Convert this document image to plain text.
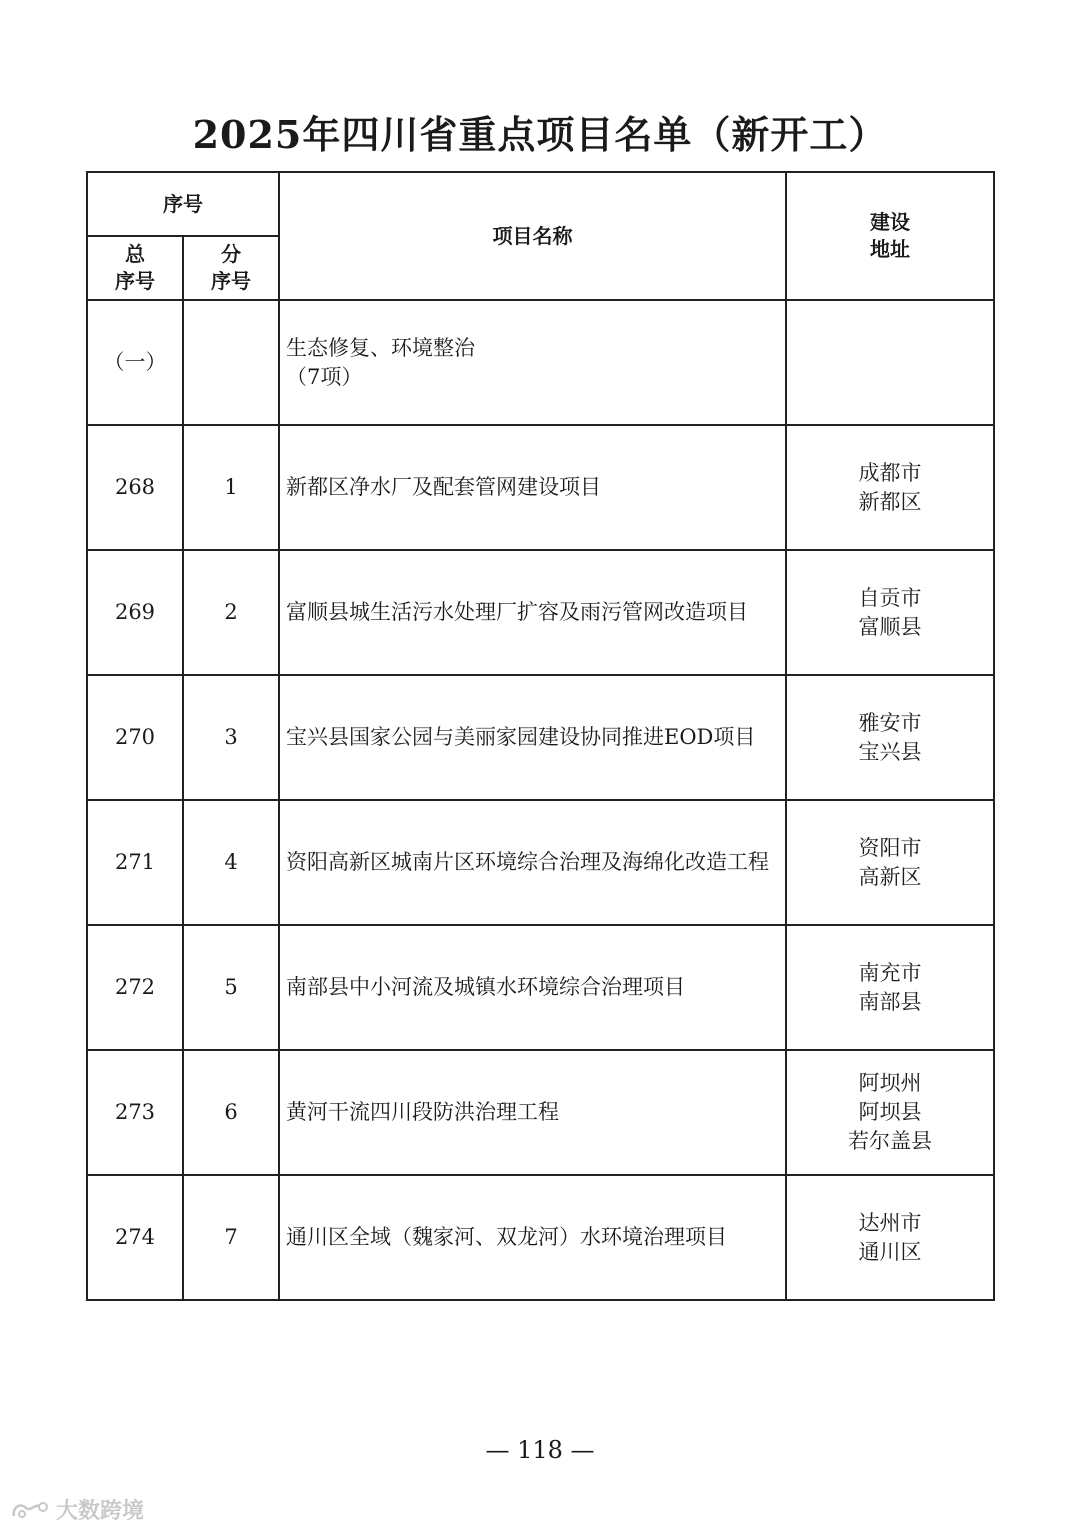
2025年四川省重点项目名单（新开工）
序号		项目名称	建设
地址

总
序号	分
序号		

（一）		生态修复、环境整治
（7项）	

268	1	新都区净水厂及配套管网建设项目	成都市
新都区
269	2	富顺县城生活污水处理厂扩容及雨污管网改造项目	自贡市
富顺县
270	3	宝兴县国家公园与美丽家园建设协同推进EOD项目	雅安市
宝兴县
271	4	资阳高新区城南片区环境综合治理及海绵化改造工程	资阳市
高新区
272	5	南部县中小河流及城镇水环境综合治理项目	南充市
南部县
273	6	黄河干流四川段防洪治理工程	阿坝州
阿坝县
若尔盖县
274	7	通川区全域（魏家河、双龙河）水环境治理项目	达州市
通川区
— 118 —
大数跨境
